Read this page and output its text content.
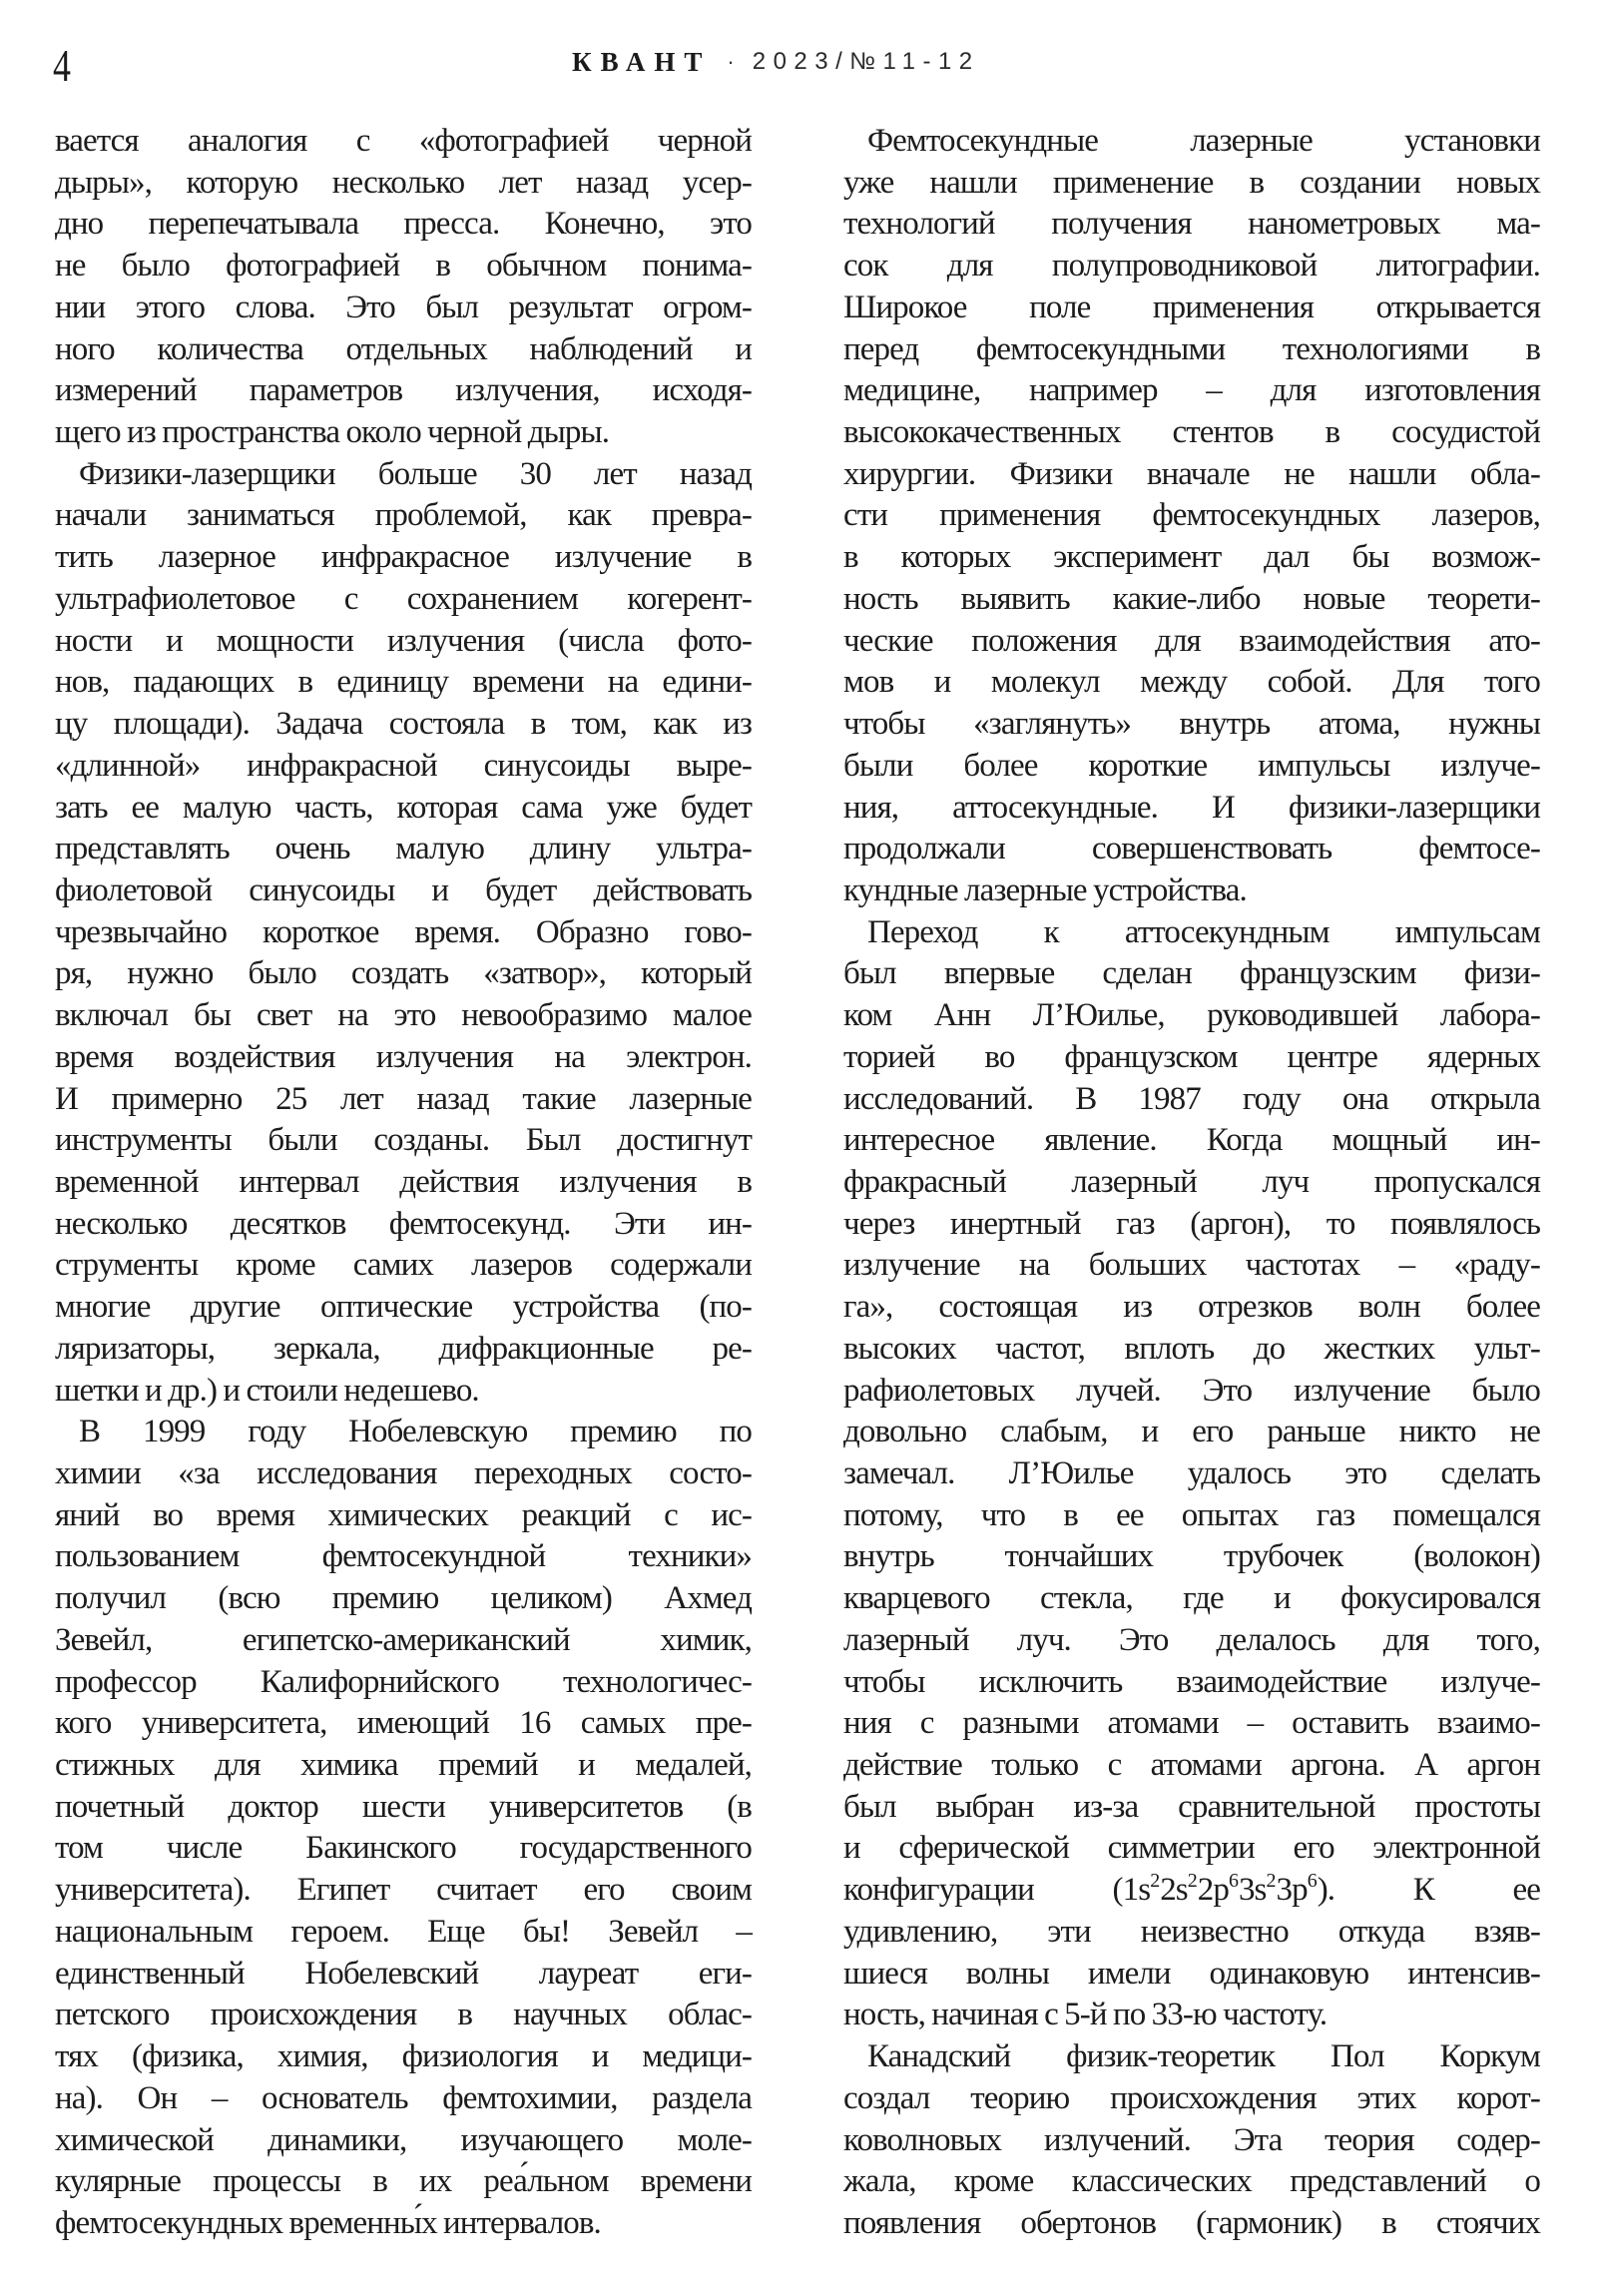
4	КВАНТ · 2023/№11-12
вается аналогия с «фотографией черной
дыры», которую несколько лет назад усер-
дно перепечатывала пресса. Конечно, это
не было фотографией в обычном понима-
нии этого слова. Это был результат огром-
ного количества отдельных наблюдений и
измерений параметров излучения, исходя-
щего из пространства около черной дыры.
Физики-лазерщики больше 30 лет назад
начали заниматься проблемой, как превра-
тить лазерное инфракрасное излучение в
ультрафиолетовое с сохранением когерент-
ности и мощности излучения (числа фото-
нов, падающих в единицу времени на едини-
цу площади). Задача состояла в том, как из
«длинной» инфракрасной синусоиды выре-
зать ее малую часть, которая сама уже будет
представлять очень малую длину ультра-
фиолетовой синусоиды и будет действовать
чрезвычайно короткое время. Образно гово-
ря, нужно было создать «затвор», который
включал бы свет на это невообразимо малое
время воздействия излучения на электрон.
И примерно 25 лет назад такие лазерные
инструменты были созданы. Был достигнут
временной интервал действия излучения в
несколько десятков фемтосекунд. Эти ин-
струменты кроме самих лазеров содержали
многие другие оптические устройства (по-
ляризаторы, зеркала, дифракционные ре-
шетки и др.) и стоили недешево.
В 1999 году Нобелевскую премию по
химии «за исследования переходных состо-
яний во время химических реакций с ис-
пользованием фемтосекундной техники»
получил (всю премию целиком) Ахмед
Зевейл, египетско-американский химик,
профессор Калифорнийского технологичес-
кого университета, имеющий 16 самых пре-
стижных для химика премий и медалей,
почетный доктор шести университетов (в
том числе Бакинского государственного
университета). Египет считает его своим
национальным героем. Еще бы! Зевейл –
единственный Нобелевский лауреат еги-
петского происхождения в научных облас-
тях (физика, химия, физиология и медици-
на). Он – основатель фемтохимии, раздела
химической динамики, изучающего моле-
кулярные процессы в их реа́льном времени
фемтосекундных временны́х интервалов.
Фемтосекундные лазерные установки
уже нашли применение в создании новых
технологий получения нанометровых ма-
сок для полупроводниковой литографии.
Широкое поле применения открывается
перед фемтосекундными технологиями в
медицине, например – для изготовления
высококачественных стентов в сосудистой
хирургии. Физики вначале не нашли обла-
сти применения фемтосекундных лазеров,
в которых эксперимент дал бы возмож-
ность выявить какие-либо новые теорети-
ческие положения для взаимодействия ато-
мов и молекул между собой. Для того
чтобы «заглянуть» внутрь атома, нужны
были более короткие импульсы излуче-
ния, аттосекундные. И физики-лазерщики
продолжали совершенствовать фемтосе-
кундные лазерные устройства.
Переход к аттосекундным импульсам
был впервые сделан французским физи-
ком Анн Л’Юилье, руководившей лабора-
торией во французском центре ядерных
исследований. В 1987 году она открыла
интересное явление. Когда мощный ин-
фракрасный лазерный луч пропускался
через инертный газ (аргон), то появлялось
излучение на больших частотах – «раду-
га», состоящая из отрезков волн более
высоких частот, вплоть до жестких ульт-
рафиолетовых лучей. Это излучение было
довольно слабым, и его раньше никто не
замечал. Л’Юилье удалось это сделать
потому, что в ее опытах газ помещался
внутрь тончайших трубочек (волокон)
кварцевого стекла, где и фокусировался
лазерный луч. Это делалось для того,
чтобы исключить взаимодействие излуче-
ния с разными атомами – оставить взаимо-
действие только с атомами аргона. А аргон
был выбран из-за сравнительной простоты
и сферической симметрии его электронной
конфигурации $(1s^22s^22p^63s^23p^6)$. К ее
удивлению, эти неизвестно откуда взяв-
шиеся волны имели одинаковую интенсив-
ность, начиная с 5-й по 33-ю частоту.
Канадский физик-теоретик Пол Коркум
создал теорию происхождения этих корот-
коволновых излучений. Эта теория содер-
жала, кроме классических представлений о
появления обертонов (гармоник) в стоячих
